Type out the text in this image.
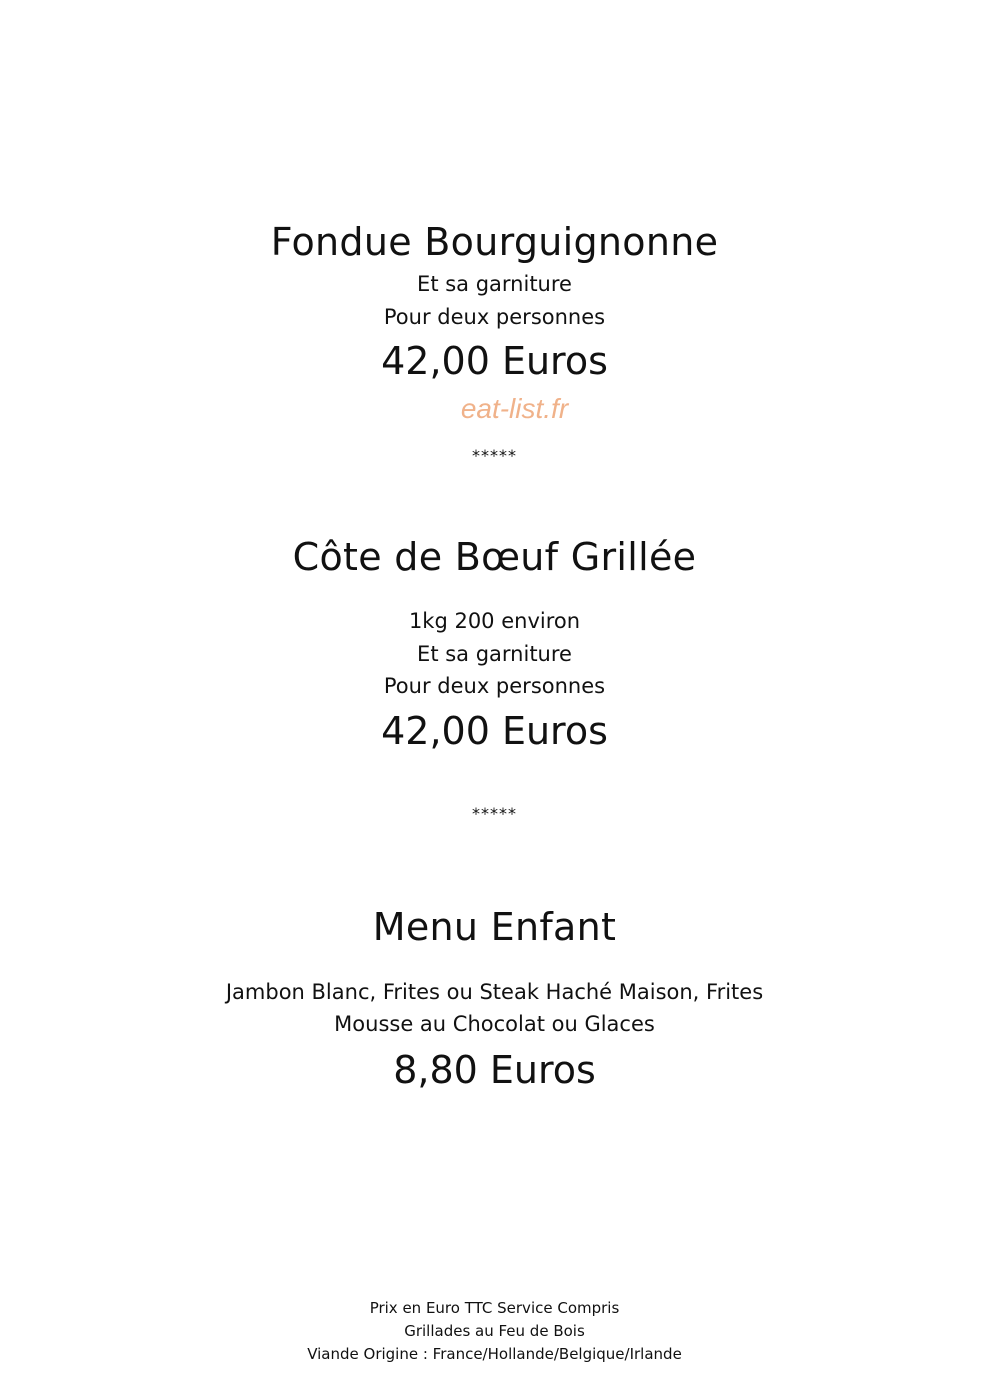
Fondue Bourguignonne
Et sa garniture
Pour deux personnes
42,00 Euros
eat-list.fr
*****
Côte de Bœuf Grillée
1kg 200 environ
Et sa garniture
Pour deux personnes
42,00 Euros
*****
Menu Enfant
Jambon Blanc, Frites ou Steak Haché Maison, Frites
Mousse au Chocolat ou Glaces
8,80 Euros
Prix en Euro TTC Service Compris
Grillades au Feu de Bois
Viande Origine : France/Hollande/Belgique/Irlande
